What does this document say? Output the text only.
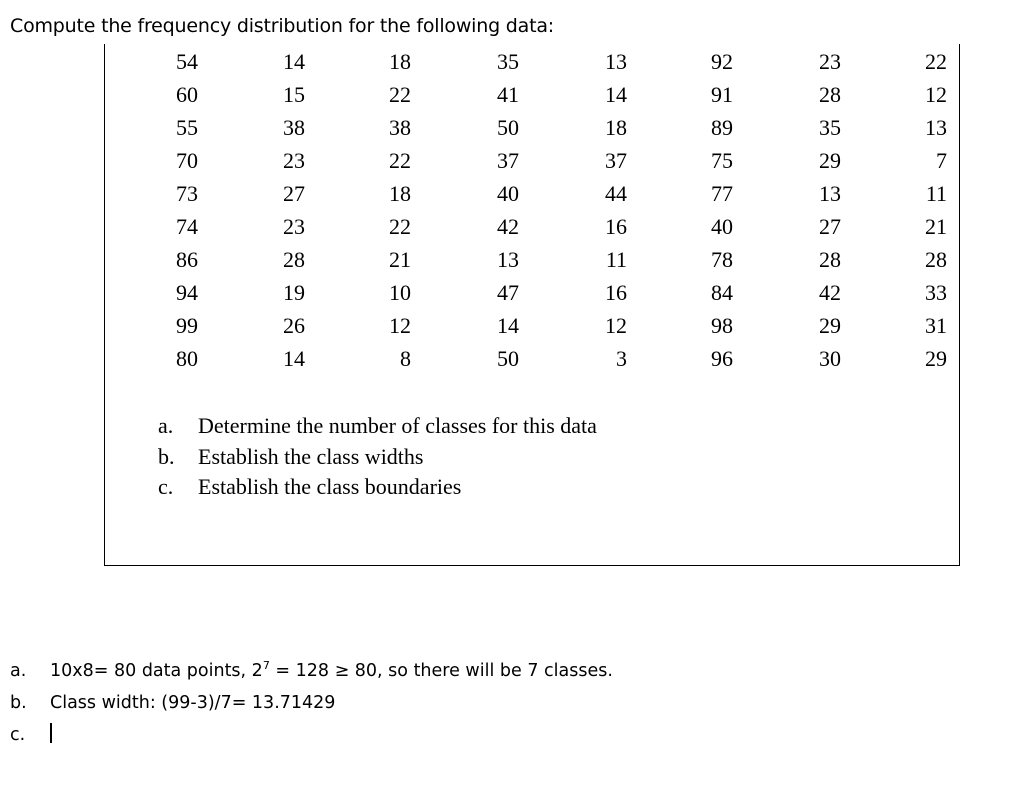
Compute the frequency distribution for the following data:
54	14	18	35	13	92	23	22
60	15	22	41	14	91	28	12
55	38	38	50	18	89	35	13
70	23	22	37	37	75	29	7
73	27	18	40	44	77	13	11
74	23	22	42	16	40	27	21
86	28	21	13	11	78	28	28
94	19	10	47	16	84	42	33
99	26	12	14	12	98	29	31
80	14	8	50	3	96	30	29
a. Determine the number of classes for this data
b. Establish the class widths
c. Establish the class boundaries
a. 10x8= 80 data points, $2^7 = 128 \ge 80$, so there will be 7 classes.
b. Class width: (99-3)/7= 13.71429
c.
